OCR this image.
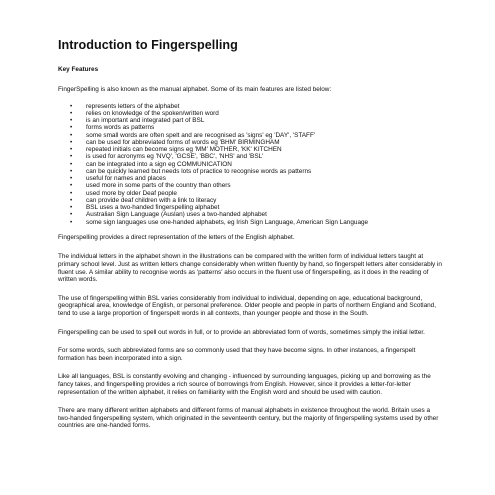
Introduction to Fingerspelling
Key Features

FingerSpelling is also known as the manual alphabet. Some of its main features are listed below:

• represents letters of the alphabet
• relies on knowledge of the spoken/written word
• is an important and integrated part of BSL
• forms words as patterns
• some small words are often spelt and are recognised as 'signs' eg 'DAY', 'STAFF'
• can be used for abbreviated forms of words eg 'BHM' BIRMINGHAM
• repeated initials can become signs eg 'MM' MOTHER, 'KK' KITCHEN
• is used for acronyms eg 'NVQ', 'GCSE', 'BBC', 'NHS' and 'BSL'
• can be integrated into a sign eg COMMUNICATION
• can be quickly learned but needs lots of practice to recognise words as patterns
• useful for names and places
• used more in some parts of the country than others
• used more by older Deaf people
• can provide deaf children with a link to literacy
• BSL uses a two-handed fingerspelling alphabet
• Australian Sign Language (Auslan) uses a two-handed alphabet
• some sign languages use one-handed alphabets, eg Irish Sign Language, American Sign Language

Fingerspelling provides a direct representation of the letters of the English alphabet.

The individual letters in the alphabet shown in the illustrations can be compared with the written form of individual letters taught at primary school level. Just as written letters change considerably when written fluently by hand, so fingerspelt letters alter considerably in fluent use. A similar ability to recognise words as 'patterns' also occurs in the fluent use of fingerspelling, as it does in the reading of written words.

The use of fingerspelling within BSL varies considerably from individual to individual, depending on age, educational background, geographical area, knowledge of English, or personal preference. Older people and people in parts of northern England and Scotland, tend to use a large proportion of fingerspelt words in all contexts, than younger people and those in the South.

Fingerspelling can be used to spell out words in full, or to provide an abbreviated form of words, sometimes simply the initial letter.

For some words, such abbreviated forms are so commonly used that they have become signs. In other instances, a fingerspelt formation has been incorporated into a sign.

Like all languages, BSL is constantly evolving and changing - influenced by surrounding languages, picking up and borrowing as the fancy takes, and fingerspelling provides a rich source of borrowings from English. However, since it provides a letter-for-letter representation of the written alphabet, it relies on familiarity with the English word and should be used with caution.

There are many different written alphabets and different forms of manual alphabets in existence throughout the world. Britain uses a two-handed fingerspelling system, which originated in the seventeenth century, but the majority of fingerspelling systems used by other countries are one-handed forms.
